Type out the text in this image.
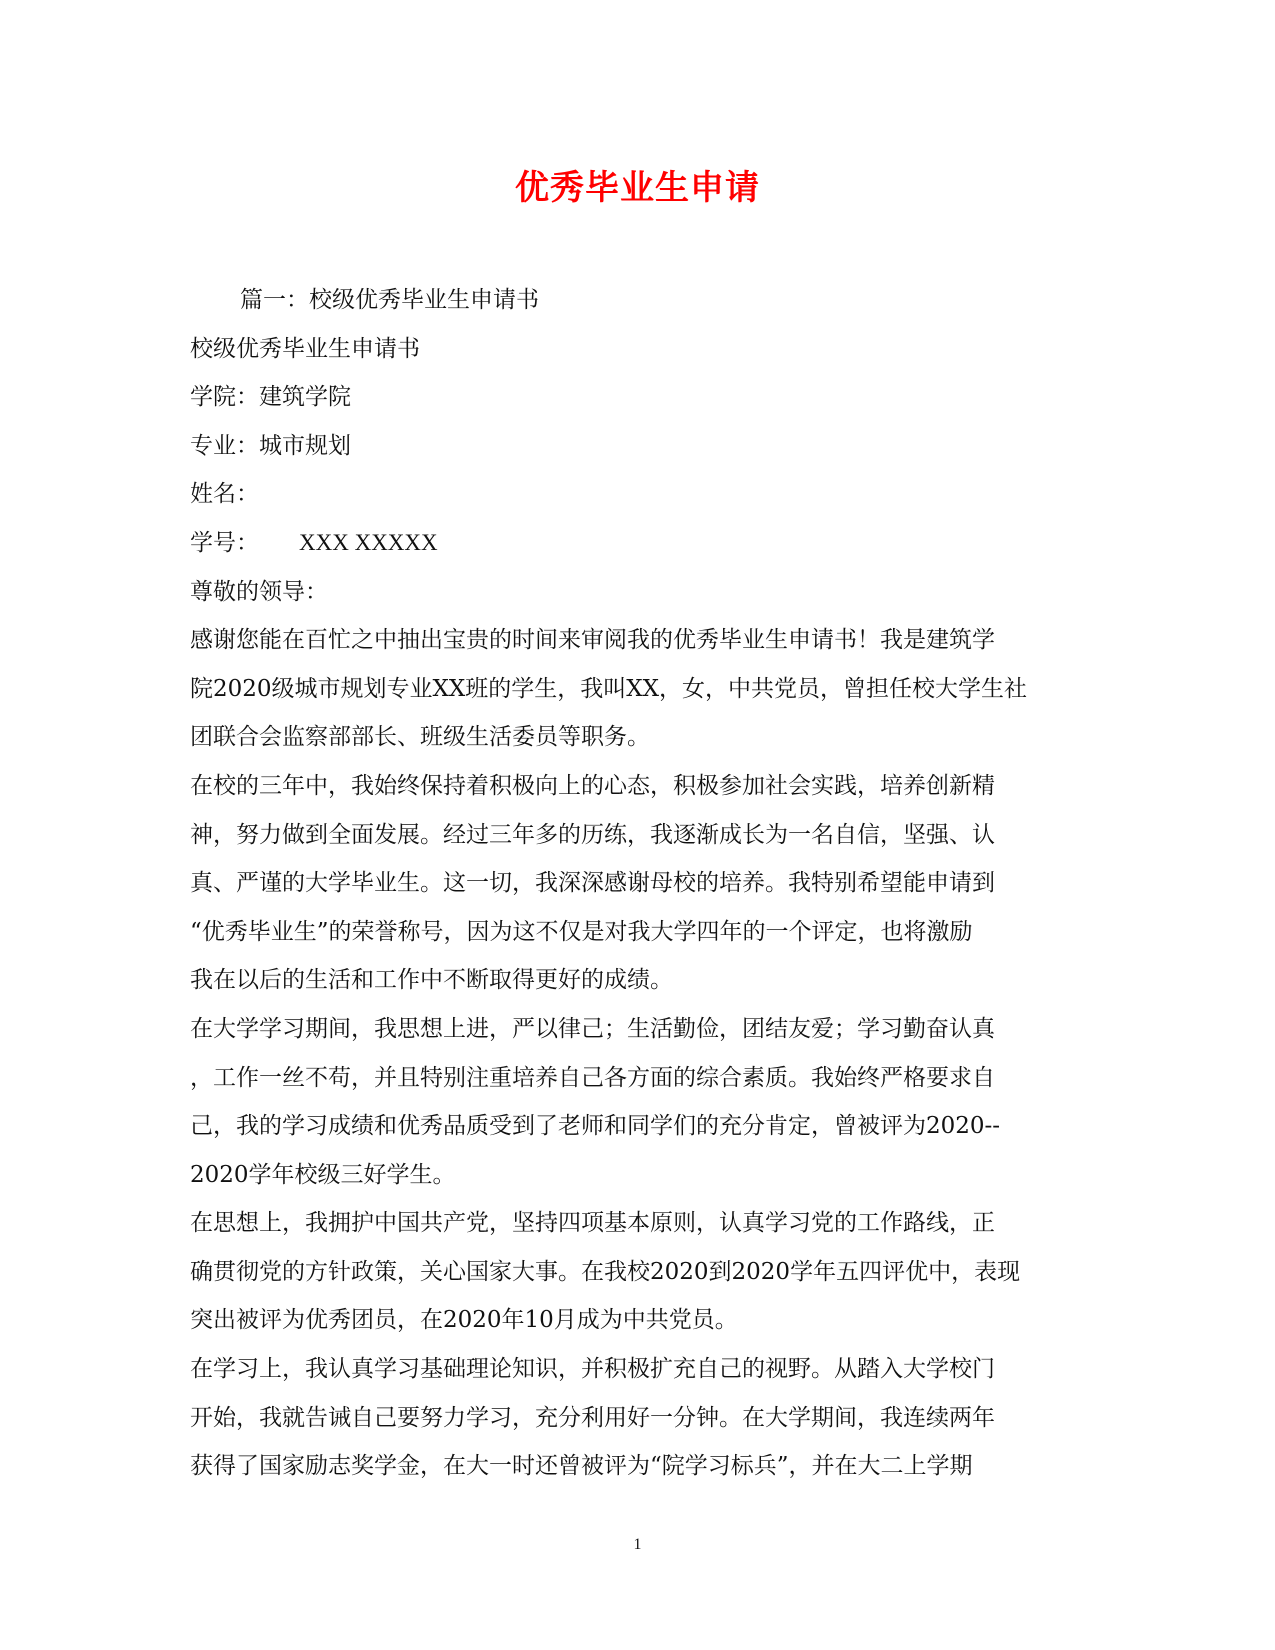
优秀毕业生申请
篇一：校级优秀毕业生申请书
校级优秀毕业生申请书
学院：建筑学院
专业：城市规划
姓名：
学号： XXX XXXXX
尊敬的领导：
感谢您能在百忙之中抽出宝贵的时间来审阅我的优秀毕业生申请书！我是建筑学
院2020级城市规划专业XX班的学生，我叫XX，女，中共党员，曾担任校大学生社
团联合会监察部部长、班级生活委员等职务。
在校的三年中，我始终保持着积极向上的心态，积极参加社会实践，培养创新精
神，努力做到全面发展。经过三年多的历练，我逐渐成长为一名自信，坚强、认
真、严谨的大学毕业生。这一切，我深深感谢母校的培养。我特别希望能申请到
“优秀毕业生”的荣誉称号，因为这不仅是对我大学四年的一个评定，也将激励
我在以后的生活和工作中不断取得更好的成绩。
在大学学习期间，我思想上进，严以律己；生活勤俭，团结友爱；学习勤奋认真
，工作一丝不苟，并且特别注重培养自己各方面的综合素质。我始终严格要求自
己，我的学习成绩和优秀品质受到了老师和同学们的充分肯定，曾被评为2020--
2020学年校级三好学生。
在思想上，我拥护中国共产党，坚持四项基本原则，认真学习党的工作路线，正
确贯彻党的方针政策，关心国家大事。在我校2020到2020学年五四评优中，表现
突出被评为优秀团员，在2020年10月成为中共党员。
在学习上，我认真学习基础理论知识，并积极扩充自己的视野。从踏入大学校门
开始，我就告诫自己要努力学习，充分利用好一分钟。在大学期间，我连续两年
获得了国家励志奖学金，在大一时还曾被评为“院学习标兵”，并在大二上学期
1
